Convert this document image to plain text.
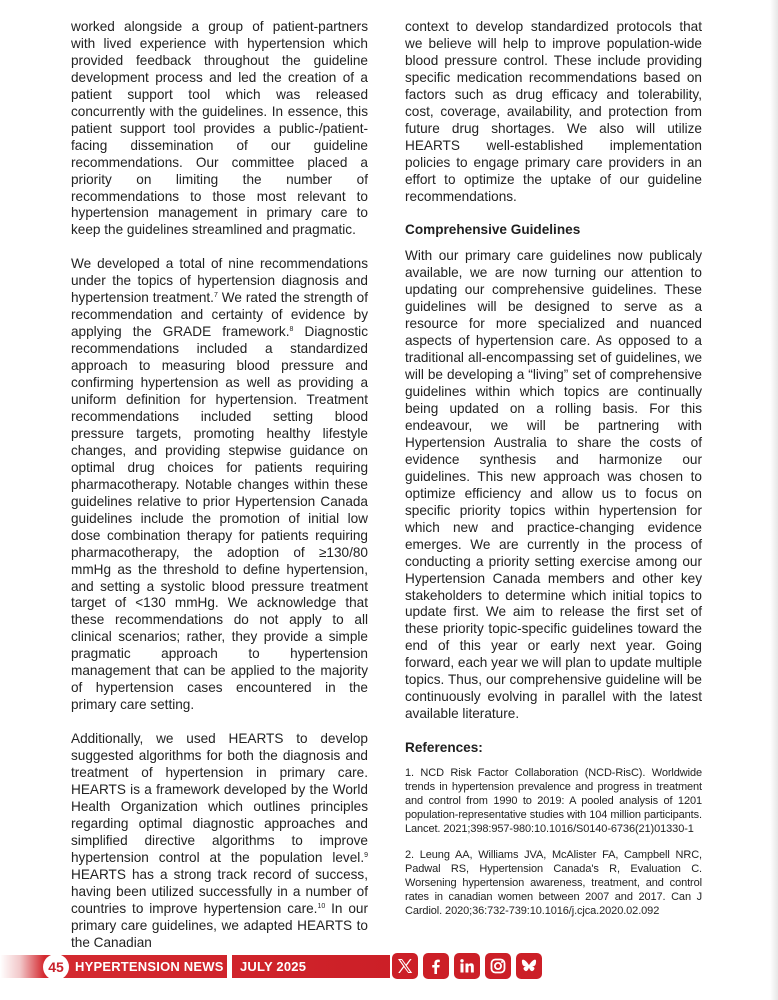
worked alongside a group of patient-partners with lived experience with hypertension which provided feedback throughout the guideline development process and led the creation of a patient support tool which was released concurrently with the guidelines. In essence, this patient support tool provides a public-/patient-facing dissemination of our guideline recommendations. Our committee placed a priority on limiting the number of recommendations to those most relevant to hypertension management in primary care to keep the guidelines streamlined and pragmatic.

We developed a total of nine recommendations under the topics of hypertension diagnosis and hypertension treatment.$^7$ We rated the strength of recommendation and certainty of evidence by applying the GRADE framework.$^8$ Diagnostic recommendations included a standardized approach to measuring blood pressure and confirming hypertension as well as providing a uniform definition for hypertension. Treatment recommendations included setting blood pressure targets, promoting healthy lifestyle changes, and providing stepwise guidance on optimal drug choices for patients requiring pharmacotherapy. Notable changes within these guidelines relative to prior Hypertension Canada guidelines include the promotion of initial low dose combination therapy for patients requiring pharmacotherapy, the adoption of ≥130/80 mmHg as the threshold to define hypertension, and setting a systolic blood pressure treatment target of <130 mmHg. We acknowledge that these recommendations do not apply to all clinical scenarios; rather, they provide a simple pragmatic approach to hypertension management that can be applied to the majority of hypertension cases encountered in the primary care setting.

Additionally, we used HEARTS to develop suggested algorithms for both the diagnosis and treatment of hypertension in primary care. HEARTS is a framework developed by the World Health Organization which outlines principles regarding optimal diagnostic approaches and simplified directive algorithms to improve hypertension control at the population level.$^9$ HEARTS has a strong track record of success, having been utilized successfully in a number of countries to improve hypertension care.$^{10}$ In our primary care guidelines, we adapted HEARTS to the Canadian

context to develop standardized protocols that we believe will help to improve population-wide blood pressure control. These include providing specific medication recommendations based on factors such as drug efficacy and tolerability, cost, coverage, availability, and protection from future drug shortages. We also will utilize HEARTS well-established implementation policies to engage primary care providers in an effort to optimize the uptake of our guideline recommendations.

Comprehensive Guidelines

With our primary care guidelines now publicaly available, we are now turning our attention to updating our comprehensive guidelines. These guidelines will be designed to serve as a resource for more specialized and nuanced aspects of hypertension care. As opposed to a traditional all-encompassing set of guidelines, we will be developing a “living” set of comprehensive guidelines within which topics are continually being updated on a rolling basis. For this endeavour, we will be partnering with Hypertension Australia to share the costs of evidence synthesis and harmonize our guidelines. This new approach was chosen to optimize efficiency and allow us to focus on specific priority topics within hypertension for which new and practice-changing evidence emerges. We are currently in the process of conducting a priority setting exercise among our Hypertension Canada members and other key stakeholders to determine which initial topics to update first. We aim to release the first set of these priority topic-specific guidelines toward the end of this year or early next year. Going forward, each year we will plan to update multiple topics. Thus, our comprehensive guideline will be continuously evolving in parallel with the latest available literature.

References:

1. NCD Risk Factor Collaboration (NCD-RisC). Worldwide trends in hypertension prevalence and progress in treatment and control from 1990 to 2019: A pooled analysis of 1201 population-representative studies with 104 million participants. Lancet. 2021;398:957-980:10.1016/S0140-6736(21)01330-1

2. Leung AA, Williams JVA, McAlister FA, Campbell NRC, Padwal RS, Hypertension Canada's R, Evaluation C. Worsening hypertension awareness, treatment, and control rates in canadian women between 2007 and 2017. Can J Cardiol. 2020;36:732-739:10.1016/j.cjca.2020.02.092

45 HYPERTENSION NEWS JULY 2025
